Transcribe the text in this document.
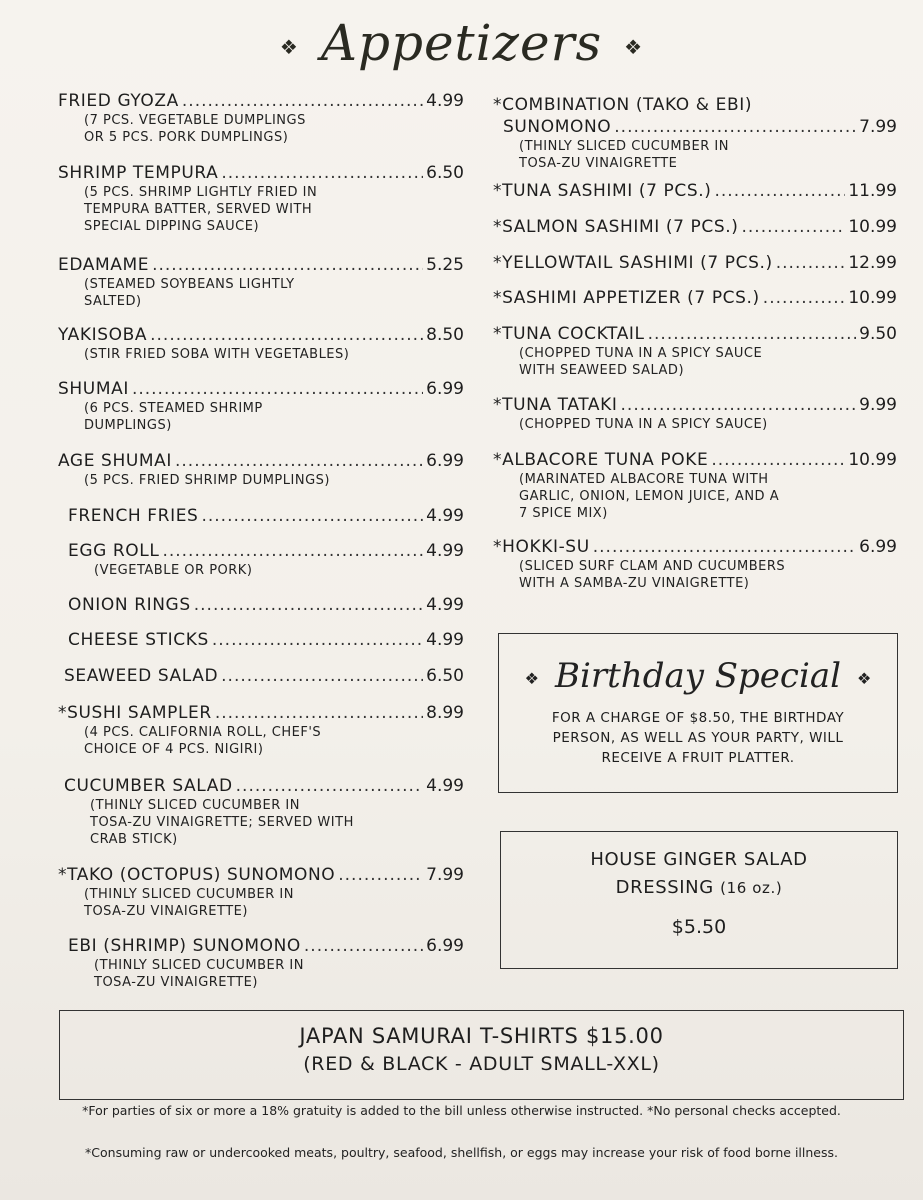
❖ Appetizers ❖
FRIED GYOZA .....	4.99
(7 PCS. VEGETABLE DUMPLINGS
OR 5 PCS. PORK DUMPLINGS)
SHRIMP TEMPURA .....	6.50
(5 PCS. SHRIMP LIGHTLY FRIED IN
TEMPURA BATTER, SERVED WITH
SPECIAL DIPPING SAUCE)
EDAMAME .....	5.25
(STEAMED SOYBEANS LIGHTLY
SALTED)
YAKISOBA .....	8.50
(STIR FRIED SOBA WITH VEGETABLES)
SHUMAI .....	6.99
(6 PCS. STEAMED SHRIMP
DUMPLINGS)
AGE SHUMAI .....	6.99
(5 PCS. FRIED SHRIMP DUMPLINGS)
FRENCH FRIES .....	4.99
EGG ROLL .....	4.99
(VEGETABLE OR PORK)
ONION RINGS .....	4.99
CHEESE STICKS .....	4.99
SEAWEED SALAD .....	6.50
*SUSHI SAMPLER .....	8.99
(4 PCS. CALIFORNIA ROLL, CHEF'S
CHOICE OF 4 PCS. NIGIRI)
CUCUMBER SALAD .....	4.99
(THINLY SLICED CUCUMBER IN
TOSA-ZU VINAIGRETTE; SERVED WITH
CRAB STICK)
*TAKO (OCTOPUS) SUNOMONO .....	7.99
(THINLY SLICED CUCUMBER IN
TOSA-ZU VINAIGRETTE)
EBI (SHRIMP) SUNOMONO .....	6.99
(THINLY SLICED CUCUMBER IN
TOSA-ZU VINAIGRETTE)
*COMBINATION (TAKO & EBI)
SUNOMONO .....	7.99
(THINLY SLICED CUCUMBER IN
TOSA-ZU VINAIGRETTE
*TUNA SASHIMI (7 PCS.) .....	11.99
*SALMON SASHIMI (7 PCS.) .....	10.99
*YELLOWTAIL SASHIMI (7 PCS.) .....	12.99
*SASHIMI APPETIZER (7 PCS.) .....	10.99
*TUNA COCKTAIL .....	9.50
(CHOPPED TUNA IN A SPICY SAUCE
WITH SEAWEED SALAD)
*TUNA TATAKI .....	9.99
(CHOPPED TUNA IN A SPICY SAUCE)
*ALBACORE TUNA POKE .....	10.99
(MARINATED ALBACORE TUNA WITH
GARLIC, ONION, LEMON JUICE, AND A
7 SPICE MIX)
*HOKKI-SU .....	6.99
(SLICED SURF CLAM AND CUCUMBERS
WITH A SAMBA-ZU VINAIGRETTE)
❖ Birthday Special ❖
FOR A CHARGE OF $8.50, THE BIRTHDAY
PERSON, AS WELL AS YOUR PARTY, WILL
RECEIVE A FRUIT PLATTER.
HOUSE GINGER SALAD
DRESSING (16 oz.)
$5.50
JAPAN SAMURAI T-SHIRTS $15.00
(RED & BLACK - ADULT SMALL-XXL)
*For parties of six or more a 18% gratuity is added to the bill unless otherwise instructed. *No personal checks accepted.
*Consuming raw or undercooked meats, poultry, seafood, shellfish, or eggs may increase your risk of food borne illness.
